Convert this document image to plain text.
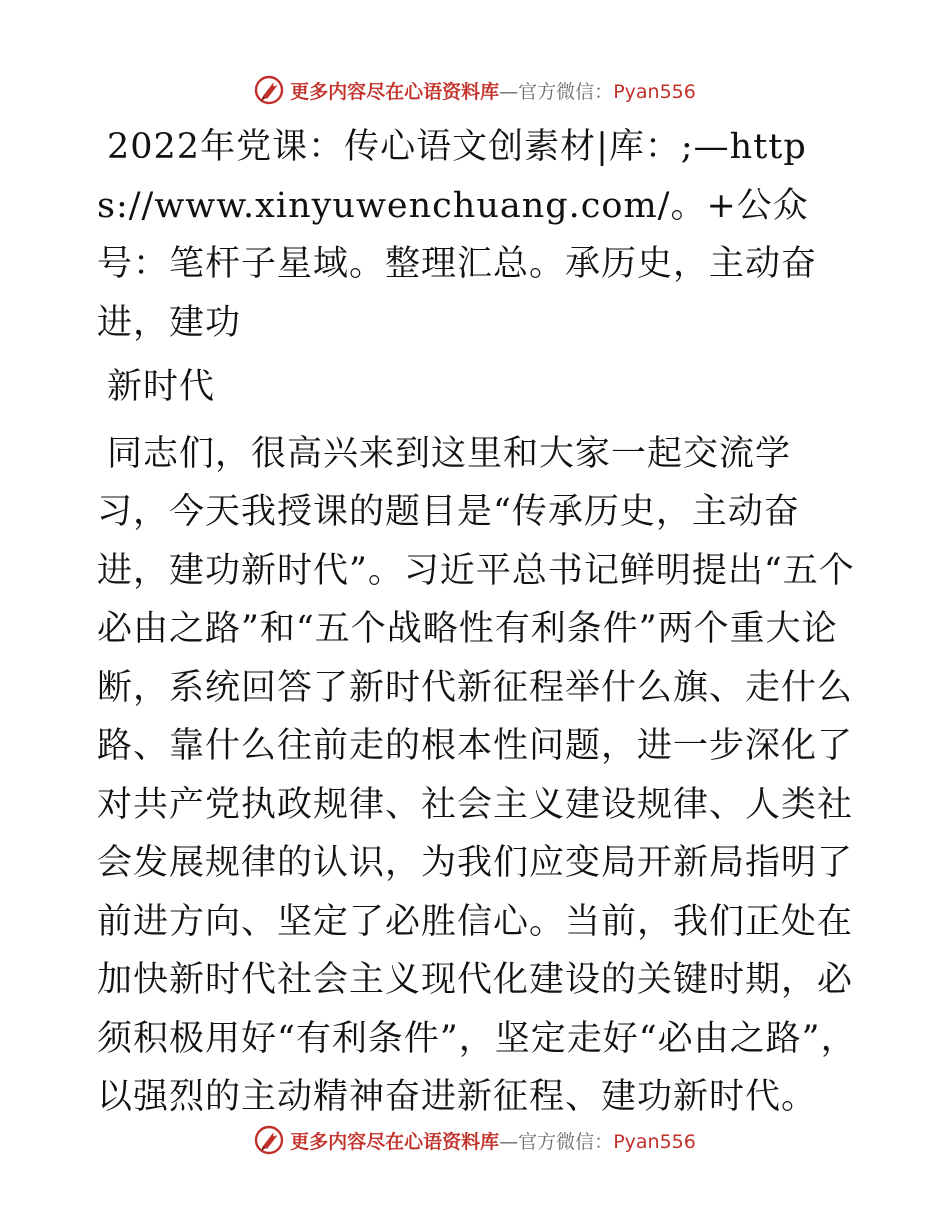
更多内容尽在心语资料库—官方微信：Pyan556

2022年党课：传心语文创素材|库：;—https://www.xinyuwenchuang.com/。+公众号：笔杆子星域。整理汇总。承历史，主动奋进，建功

新时代

同志们，很高兴来到这里和大家一起交流学习，今天我授课的题目是“传承历史，主动奋进，建功新时代”。习近平总书记鲜明提出“五个必由之路”和“五个战略性有利条件”两个重大论断，系统回答了新时代新征程举什么旗、走什么路、靠什么往前走的根本性问题，进一步深化了对共产党执政规律、社会主义建设规律、人类社会发展规律的认识，为我们应变局开新局指明了前进方向、坚定了必胜信心。当前，我们正处在加快新时代社会主义现代化建设的关键时期，必须积极用好“有利条件”，坚定走好“必由之路”，以强烈的主动精神奋进新征程、建功新时代。

更多内容尽在心语资料库—官方微信：Pyan556
